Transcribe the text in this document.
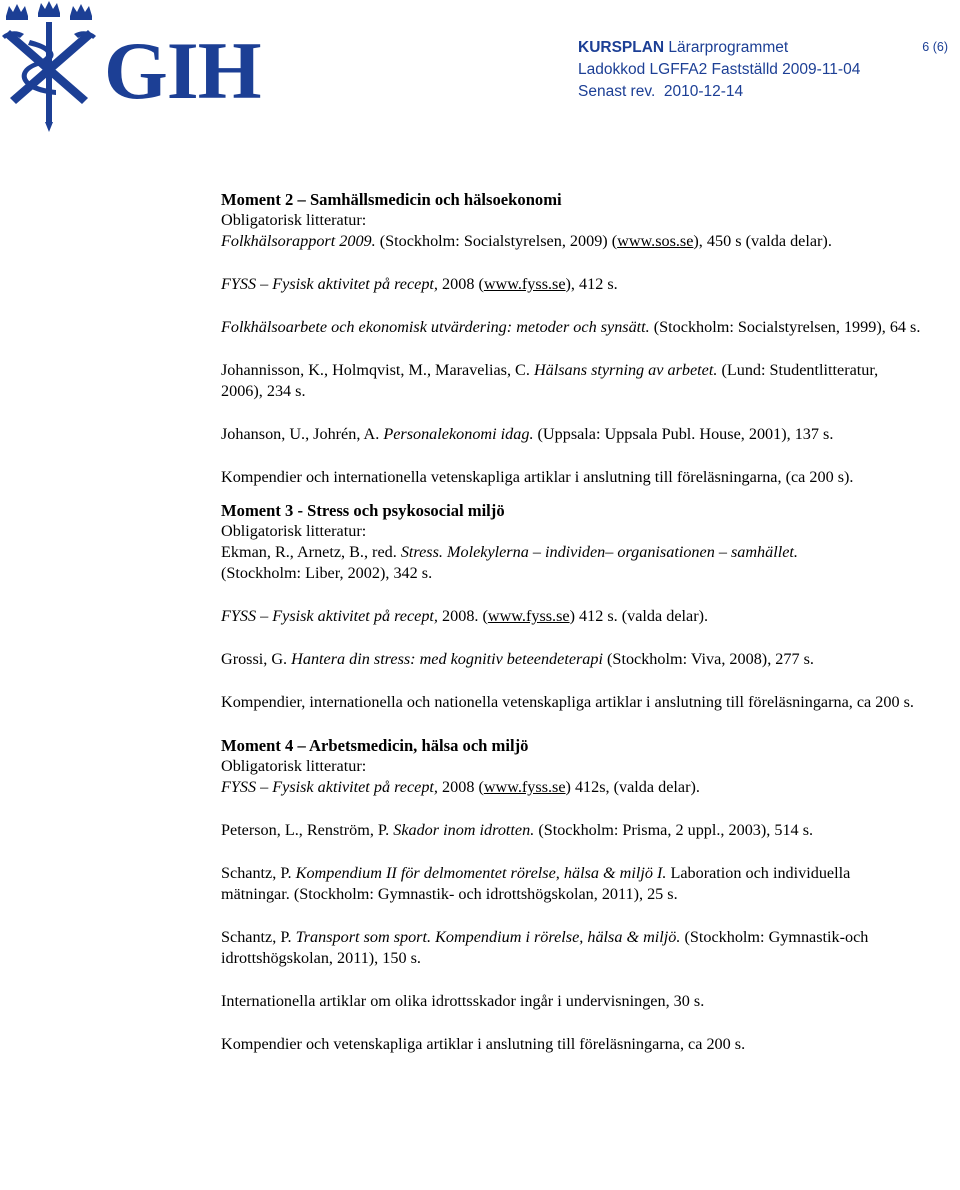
GIH	KURSPLAN Lärarprogrammet
Ladokkod LGFFA2 Fastställd 2009-11-04
Senast rev. 2010-12-14
6 (6)

Moment 2 – Samhällsmedicin och hälsoekonomi

Obligatorisk litteratur:

Folkhälsorapport 2009. (Stockholm: Socialstyrelsen, 2009) (www.sos.se), 450 s (valda delar).

FYSS – Fysisk aktivitet på recept, 2008 (www.fyss.se), 412 s.

Folkhälsoarbete och ekonomisk utvärdering: metoder och synsätt. (Stockholm: Socialstyrelsen, 1999), 64 s.

Johannisson, K., Holmqvist, M., Maravelias, C. Hälsans styrning av arbetet. (Lund: Studentlitteratur, 2006), 234 s.

Johanson, U., Johrén, A. Personalekonomi idag. (Uppsala: Uppsala Publ. House, 2001), 137 s.

Kompendier och internationella vetenskapliga artiklar i anslutning till föreläsningarna, (ca 200 s).

Moment 3 - Stress och psykosocial miljö

Obligatorisk litteratur:

Ekman, R., Arnetz, B., red. Stress. Molekylerna – individen– organisationen – samhället.

(Stockholm: Liber, 2002), 342 s.

FYSS – Fysisk aktivitet på recept, 2008. (www.fyss.se) 412 s. (valda delar).

Grossi, G. Hantera din stress: med kognitiv beteendeterapi (Stockholm: Viva, 2008), 277 s.

Kompendier, internationella och nationella vetenskapliga artiklar i anslutning till föreläsningarna, ca 200 s.

Moment 4 – Arbetsmedicin, hälsa och miljö

Obligatorisk litteratur:

FYSS – Fysisk aktivitet på recept, 2008 (www.fyss.se) 412s, (valda delar).

Peterson, L., Renström, P. Skador inom idrotten. (Stockholm: Prisma, 2 uppl., 2003), 514 s.

Schantz, P. Kompendium II för delmomentet rörelse, hälsa & miljö I. Laboration och individuella mätningar. (Stockholm: Gymnastik- och idrottshögskolan, 2011), 25 s.

Schantz, P. Transport som sport. Kompendium i rörelse, hälsa & miljö. (Stockholm: Gymnastik-och idrottshögskolan, 2011), 150 s.

Internationella artiklar om olika idrottsskador ingår i undervisningen, 30 s.

Kompendier och vetenskapliga artiklar i anslutning till föreläsningarna, ca 200 s.
